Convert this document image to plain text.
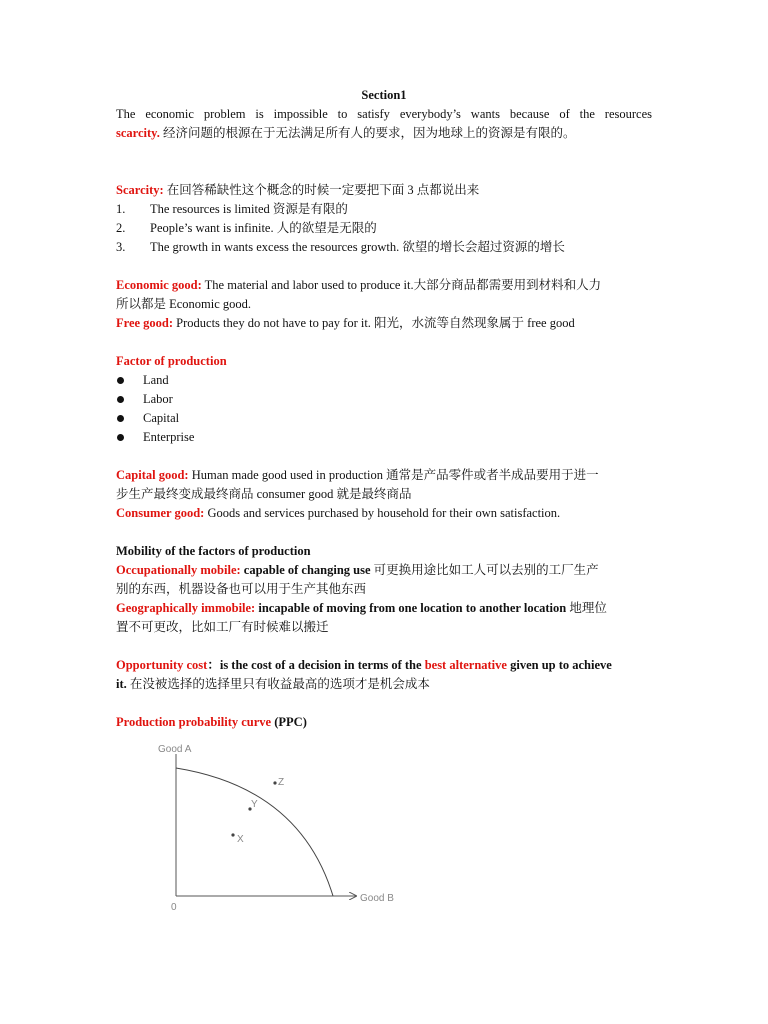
Section1

The economic problem is impossible to satisfy everybody’s wants because of the resources

scarcity. 经济问题的根源在于无法满足所有人的要求，因为地球上的资源是有限的。

Scarcity: 在回答稀缺性这个概念的时候一定要把下面 3 点都说出来

1.	The resources is limited 资源是有限的
2.	People’s want is infinite. 人的欲望是无限的
3.	The growth in wants excess the resources growth. 欲望的增长会超过资源的增长

Economic good: The material and labor used to produce it.大部分商品都需要用到材料和人力

所以都是 Economic good.

Free good: Products they do not have to pay for it. 阳光，水流等自然现象属于 free good

Factor of production

Land
Labor
Capital
Enterprise

Capital good: Human made good used in production 通常是产品零件或者半成品要用于进一

步生产最终变成最终商品 consumer good 就是最终商品

Consumer good: Goods and services purchased by household for their own satisfaction.

Mobility of the factors of production

Occupationally mobile: capable of changing use 可更换用途比如工人可以去别的工厂生产

别的东西，机器设备也可以用于生产其他东西

Geographically immobile: incapable of moving from one location to another location 地理位

置不可更改，比如工厂有时候难以搬迁

Opportunity cost：is the cost of a decision in terms of the best alternative given up to achieve

it. 在没被选择的选择里只有收益最高的选项才是机会成本

Production probability curve (PPC)

Good A
Good B
0
Z
Y
X
